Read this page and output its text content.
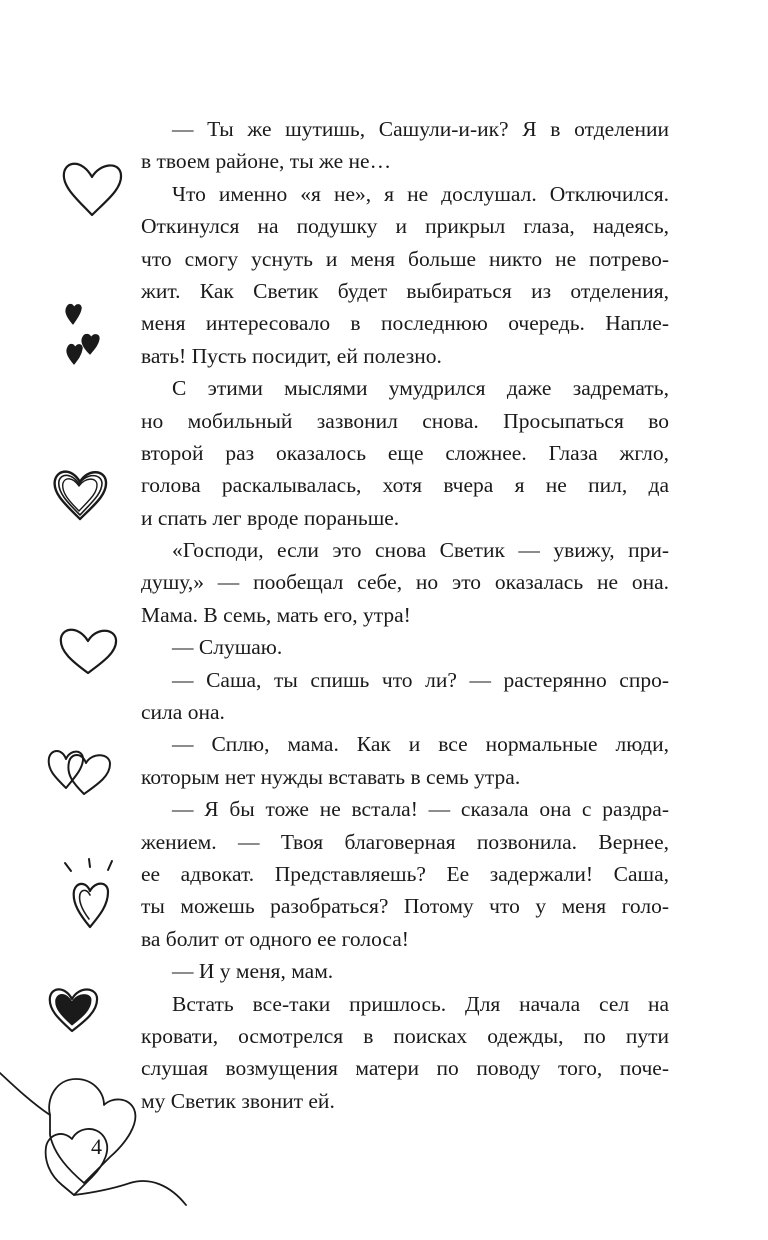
— Ты же шутишь, Сашули-и-ик? Я в отделении
в твоем районе, ты же не…
Что именно «я не», я не дослушал. Отключился.
Откинулся на подушку и прикрыл глаза, надеясь,
что смогу уснуть и меня больше никто не потрево-
жит. Как Светик будет выбираться из отделения,
меня интересовало в последнюю очередь. Напле-
вать! Пусть посидит, ей полезно.
С этими мыслями умудрился даже задремать,
но мобильный зазвонил снова. Просыпаться во
второй раз оказалось еще сложнее. Глаза жгло,
голова раскалывалась, хотя вчера я не пил, да
и спать лег вроде пораньше.
«Господи, если это снова Светик — увижу, при-
душу,» — пообещал себе, но это оказалась не она.
Мама. В семь, мать его, утра!
— Слушаю.
— Саша, ты спишь что ли? — растерянно спро-
сила она.
— Сплю, мама. Как и все нормальные люди,
которым нет нужды вставать в семь утра.
— Я бы тоже не встала! — сказала она с раздра-
жением. — Твоя благоверная позвонила. Вернее,
ее адвокат. Представляешь? Ее задержали! Саша,
ты можешь разобраться? Потому что у меня голо-
ва болит от одного ее голоса!
— И у меня, мам.
Встать все-таки пришлось. Для начала сел на
кровати, осмотрелся в поисках одежды, по пути
слушая возмущения матери по поводу того, поче-
му Светик звонит ей.
4
